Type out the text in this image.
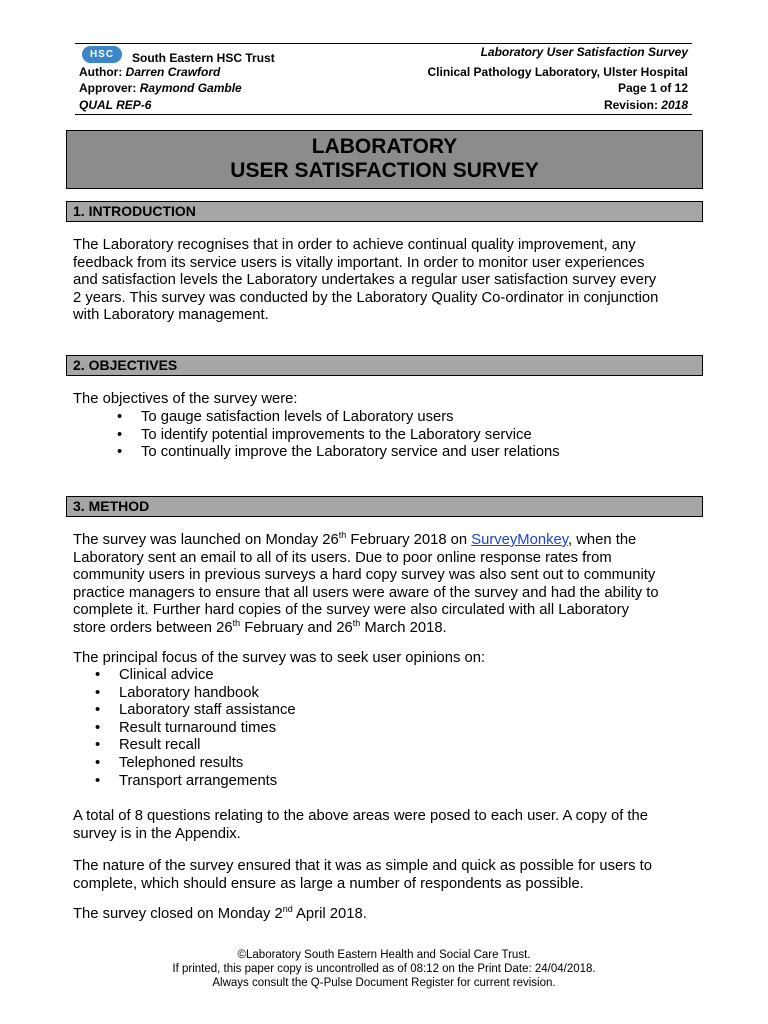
HSC	South Eastern HSC Trust	Laboratory User Satisfaction Survey
Author: Darren Crawford	Clinical Pathology Laboratory, Ulster Hospital
Approver: Raymond Gamble	Page 1 of 12
QUAL REP-6	Revision: 2018
LABORATORY
USER SATISFACTION SURVEY
1. INTRODUCTION

The Laboratory recognises that in order to achieve continual quality improvement, any

feedback from its service users is vitally important. In order to monitor user experiences

and satisfaction levels the Laboratory undertakes a regular user satisfaction survey every

2 years. This survey was conducted by the Laboratory Quality Co-ordinator in conjunction

with Laboratory management.

2. OBJECTIVES

The objectives of the survey were:

• To gauge satisfaction levels of Laboratory users
• To identify potential improvements to the Laboratory service
• To continually improve the Laboratory service and user relations
3. METHOD

The survey was launched on Monday 26th February 2018 on SurveyMonkey, when the

Laboratory sent an email to all of its users. Due to poor online response rates from

community users in previous surveys a hard copy survey was also sent out to community

practice managers to ensure that all users were aware of the survey and had the ability to

complete it. Further hard copies of the survey were also circulated with all Laboratory

store orders between 26th February and 26th March 2018.

The principal focus of the survey was to seek user opinions on:

• Clinical advice
• Laboratory handbook
• Laboratory staff assistance
• Result turnaround times
• Result recall
• Telephoned results
• Transport arrangements

A total of 8 questions relating to the above areas were posed to each user. A copy of the

survey is in the Appendix.

The nature of the survey ensured that it was as simple and quick as possible for users to

complete, which should ensure as large a number of respondents as possible.

The survey closed on Monday 2nd April 2018.

©Laboratory South Eastern Health and Social Care Trust.
If printed, this paper copy is uncontrolled as of 08:12 on the Print Date: 24/04/2018.
Always consult the Q-Pulse Document Register for current revision.
